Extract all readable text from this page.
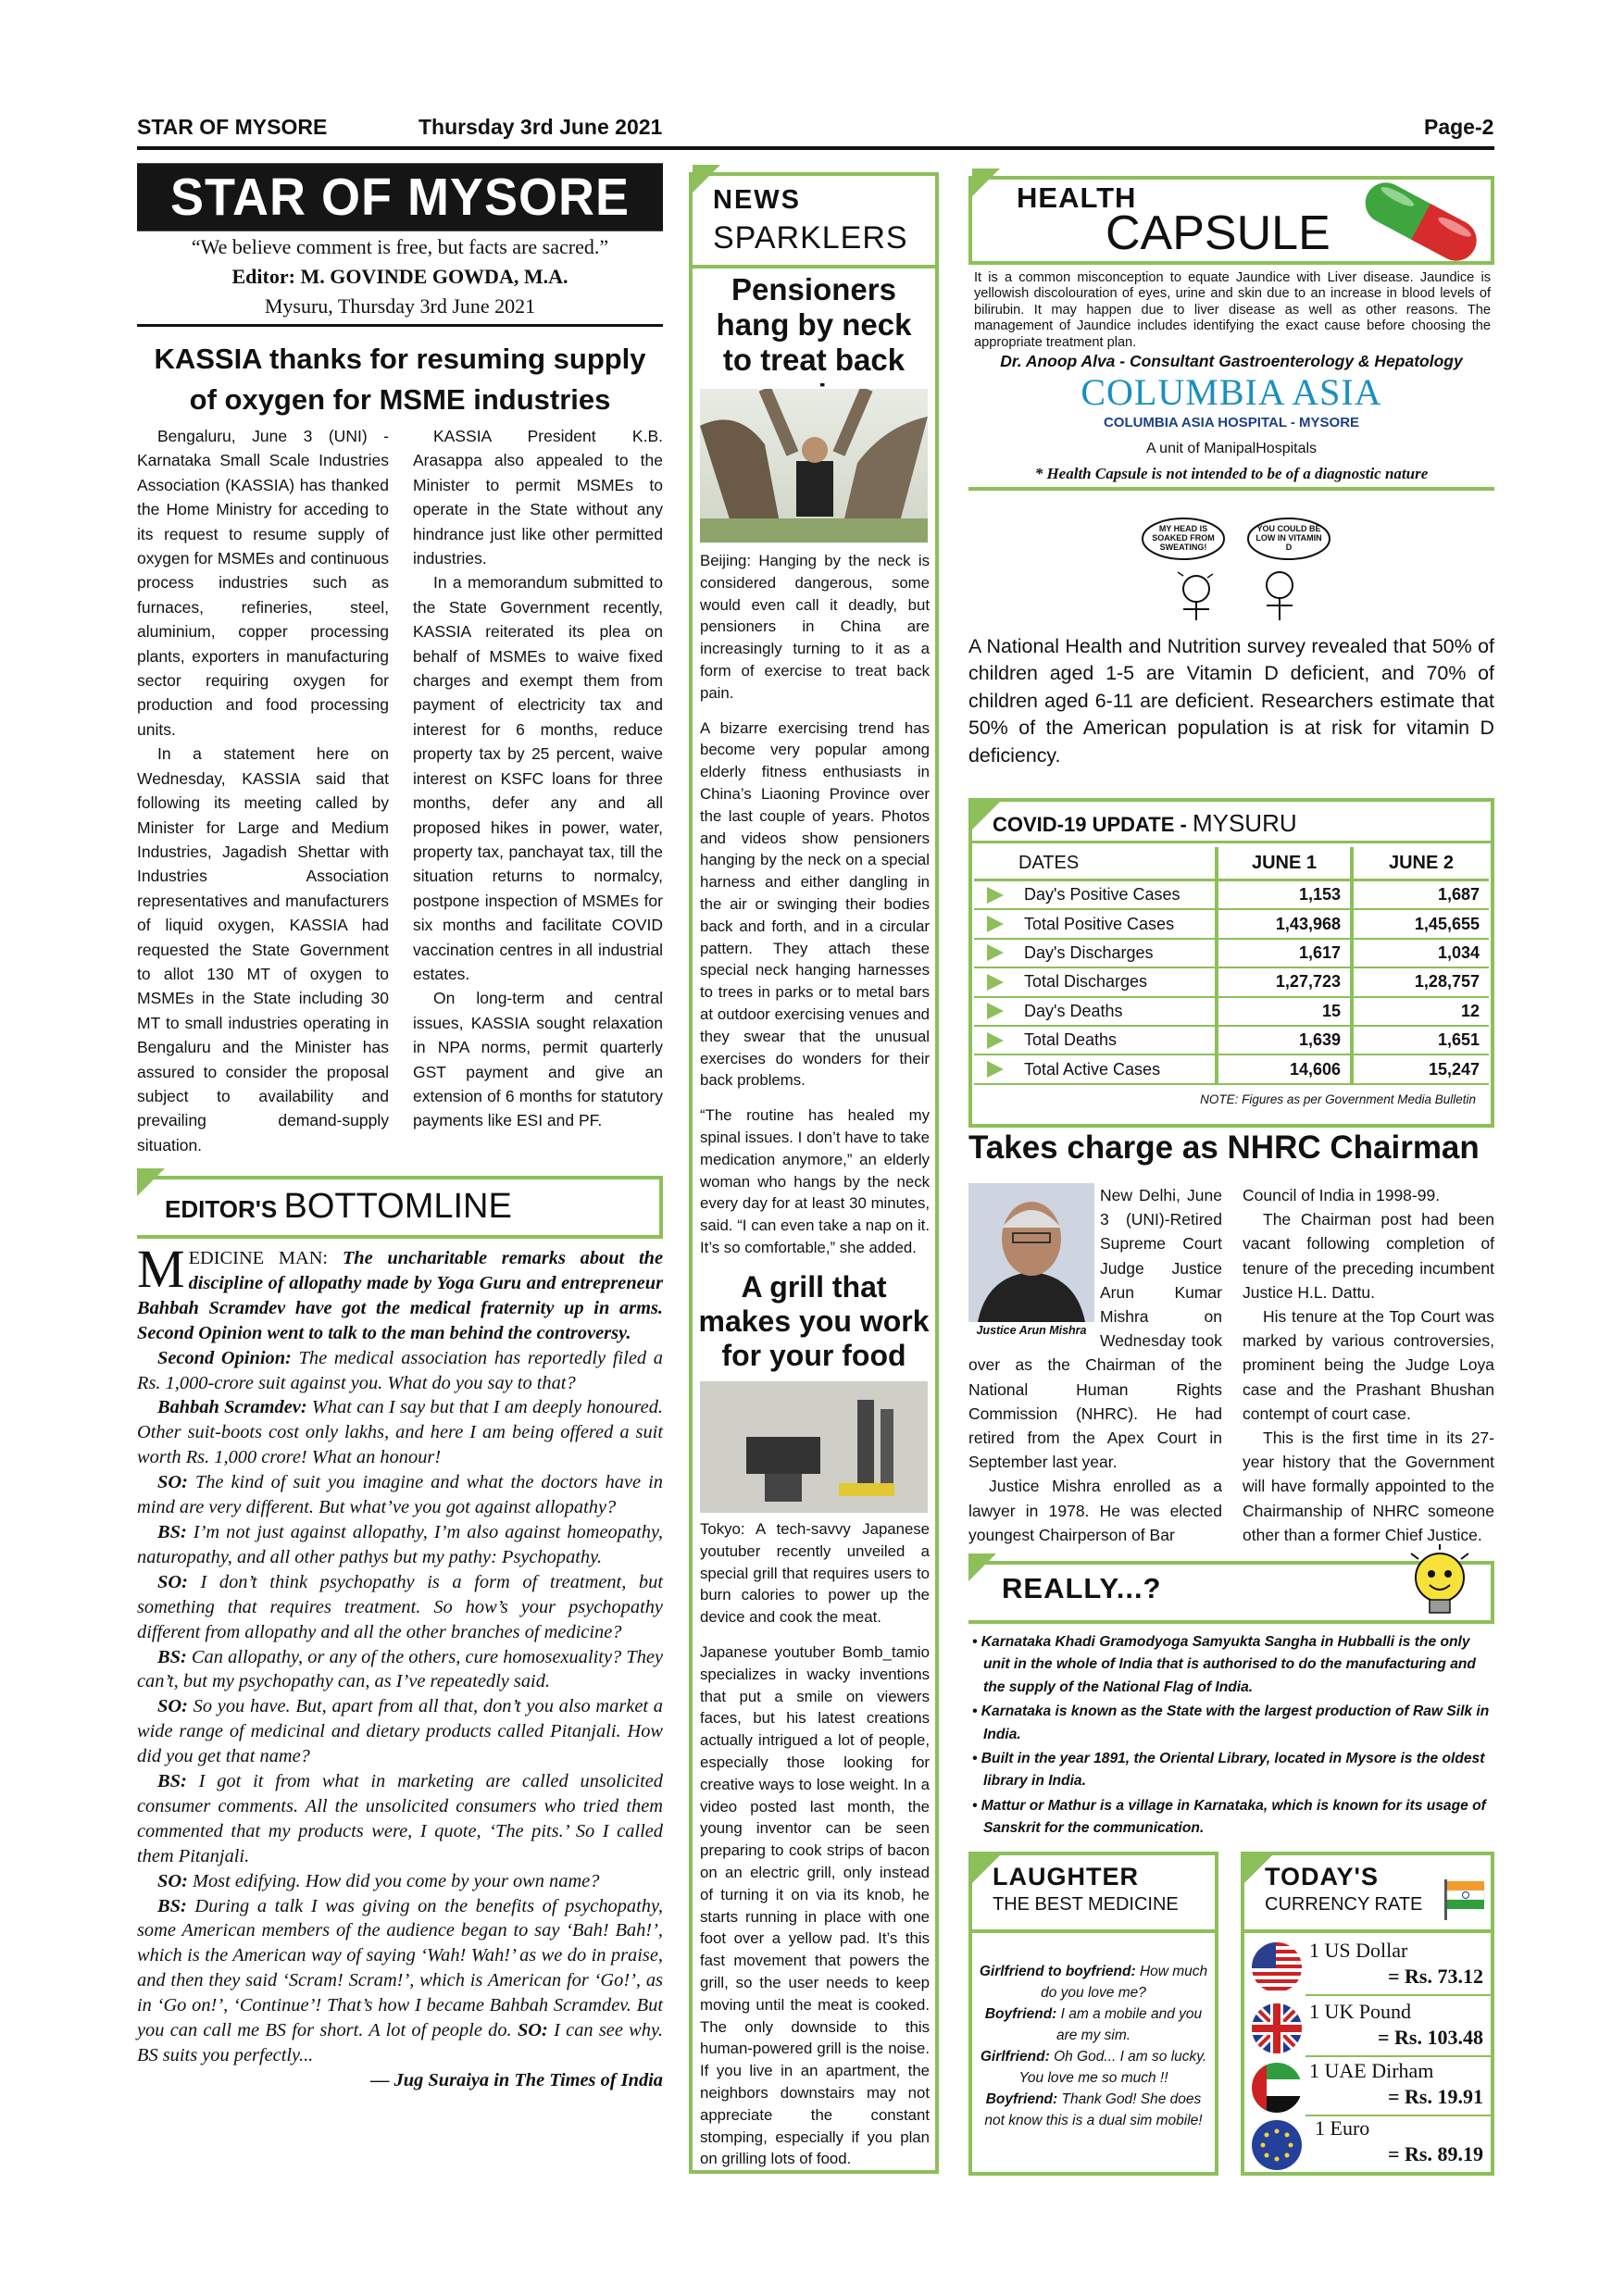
STAR OF MYSORE	Thursday 3rd June 2021	Page-2
STAR OF MYSORE
“We believe comment is free, but facts are sacred.”
Editor: M. GOVINDE GOWDA, M.A.
Mysuru, Thursday 3rd June 2021
KASSIA thanks for resuming supply of oxygen for MSME industries

Bengaluru, June 3 (UNI) - Karnataka Small Scale Industries Association (KASSIA) has thanked the Home Ministry for acceding to its request to resume supply of oxygen for MSMEs and continuous process industries such as furnaces, refineries, steel, aluminium, copper processing plants, exporters in manufacturing sector requiring oxygen for production and food processing units.

In a statement here on Wednesday, KASSIA said that following its meeting called by Minister for Large and Medium Industries, Jagadish Shettar with Industries Association representatives and manufacturers of liquid oxygen, KASSIA had requested the State Government to allot 130 MT of oxygen to MSMEs in the State including 30 MT to small industries operating in Bengaluru and the Minister has assured to consider the proposal subject to availability and prevailing demand-supply situation.

KASSIA President K.B. Arasappa also appealed to the Minister to permit MSMEs to operate in the State without any hindrance just like other permitted industries.

In a memorandum submitted to the State Government recently, KASSIA reiterated its plea on behalf of MSMEs to waive fixed charges and exempt them from payment of electricity tax and interest for 6 months, reduce property tax by 25 percent, waive interest on KSFC loans for three months, defer any and all proposed hikes in power, water, property tax, panchayat tax, till the situation returns to normalcy, postpone inspection of MSMEs for six months and facilitate COVID vaccination centres in all industrial estates.

On long-term and central issues, KASSIA sought relaxation in NPA norms, permit quarterly GST payment and give an extension of 6 months for statutory payments like ESI and PF.

EDITOR'S BOTTOMLINE

MEDICINE MAN: The uncharitable remarks about the discipline of allopathy made by Yoga Guru and entrepreneur Bahbah Scramdev have got the medical fraternity up in arms. Second Opinion went to talk to the man behind the controversy.

Second Opinion: The medical association has reportedly filed a Rs. 1,000-crore suit against you. What do you say to that?

Bahbah Scramdev: What can I say but that I am deeply honoured. Other suit-boots cost only lakhs, and here I am being offered a suit worth Rs. 1,000 crore! What an honour!

SO: The kind of suit you imagine and what the doctors have in mind are very different. But what’ve you got against allopathy?

BS: I’m not just against allopathy, I’m also against homeopathy, naturopathy, and all other pathys but my pathy: Psychopathy.

SO: I don’t think psychopathy is a form of treatment, but something that requires treatment. So how’s your psychopathy different from allopathy and all the other branches of medicine?

BS: Can allopathy, or any of the others, cure homosexuality? They can’t, but my psychopathy can, as I’ve repeatedly said.

SO: So you have. But, apart from all that, don’t you also market a wide range of medicinal and dietary products called Pitanjali. How did you get that name?

BS: I got it from what in marketing are called unsolicited consumer comments. All the unsolicited consumers who tried them commented that my products were, I quote, ‘The pits.’ So I called them Pitanjali.

SO: Most edifying. How did you come by your own name?

BS: During a talk I was giving on the benefits of psychopathy, some American members of the audience began to say ‘Bah! Bah!’, which is the American way of saying ‘Wah! Wah!’ as we do in praise, and then they said ‘Scram! Scram!’, which is American for ‘Go!’, as in ‘Go on!’, ‘Continue’! That’s how I became Bahbah Scramdev. But you can call me BS for short. A lot of people do. SO: I can see why. BS suits you perfectly...

— Jug Suraiya in The Times of India

NEWS
SPARKLERS
Pensioners hang by neck to treat back

Beijing: Hanging by the neck is considered dangerous, some would even call it deadly, but pensioners in China are increasingly turning to it as a form of exercise to treat back pain.

A bizarre exercising trend has become very popular among elderly fitness enthusiasts in China’s Liaoning Province over the last couple of years. Photos and videos show pensioners hanging by the neck on a special harness and either dangling in the air or swinging their bodies back and forth, and in a circular pattern. They attach these special neck hanging harnesses to trees in parks or to metal bars at outdoor exercising venues and they swear that the unusual exercises do wonders for their back problems.

“The routine has healed my spinal issues. I don’t have to take medication anymore,” an elderly woman who hangs by the neck every day for at least 30 minutes, said. “I can even take a nap on it. It’s so comfortable,” she added.

A grill that makes you work for your food

Tokyo: A tech-savvy Japanese youtuber recently unveiled a special grill that requires users to burn calories to power up the device and cook the meat.

Japanese youtuber Bomb_tamio specializes in wacky inventions that put a smile on viewers faces, but his latest creations actually intrigued a lot of people, especially those looking for creative ways to lose weight. In a video posted last month, the young inventor can be seen preparing to cook strips of bacon on an electric grill, only instead of turning it on via its knob, he starts running in place with one foot over a yellow pad. It’s this fast movement that powers the grill, so the user needs to keep moving until the meat is cooked. The only downside to this human-powered grill is the noise. If you live in an apartment, the neighbors downstairs may not appreciate the constant stomping, especially if you plan on grilling lots of food.

HEALTH
CAPSULE
It is a common misconception to equate Jaundice with Liver disease. Jaundice is yellowish discolouration of eyes, urine and skin due to an increase in blood levels of bilirubin. It may happen due to liver disease as well as other reasons. The management of Jaundice includes identifying the exact cause before choosing the appropriate treatment plan.
Dr. Anoop Alva - Consultant Gastroenterology & Hepatology
COLUMBIA ASIA
COLUMBIA ASIA HOSPITAL - MYSORE
A unit of ManipalHospitals
* Health Capsule is not intended to be of a diagnostic nature
MY HEAD IS SOAKED FROM SWEATING!
YOU COULD BE LOW IN VITAMIN D
A National Health and Nutrition survey revealed that 50% of children aged 1-5 are Vitamin D deficient, and 70% of children aged 6-11 are deficient. Researchers estimate that 50% of the American population is at risk for vitamin D deficiency.
COVID-19 UPDATE - MYSURU
DATES	JUNE 1	JUNE 2
Day's Positive Cases	1,153	1,687
Total Positive Cases	1,43,968	1,45,655
Day's Discharges	1,617	1,034
Total Discharges	1,27,723	1,28,757
Day's Deaths	15	12
Total Deaths	1,639	1,651
Total Active Cases	14,606	15,247
NOTE: Figures as per Government Media Bulletin
Takes charge as NHRC Chairman
Justice Arun Mishra

New Delhi, June 3 (UNI)-Retired Supreme Court Judge Justice Arun Kumar Mishra on Wednesday took over as the Chairman of the National Human Rights Commission (NHRC). He had retired from the Apex Court in September last year.

Justice Mishra enrolled as a lawyer in 1978. He was elected youngest Chairperson of Bar

Council of India in 1998-99.

The Chairman post had been vacant following completion of tenure of the preceding incumbent Justice H.L. Dattu.

His tenure at the Top Court was marked by various controversies, prominent being the Judge Loya case and the Prashant Bhushan contempt of court case.

This is the first time in its 27-year history that the Government will have formally appointed to the Chairmanship of NHRC someone other than a former Chief Justice.

REALLY...?
• Karnataka Khadi Gramodyoga Samyukta Sangha in Hubballi is the only unit in the whole of India that is authorised to do the manufacturing and the supply of the National Flag of India.
• Karnataka is known as the State with the largest production of Raw Silk in India.
• Built in the year 1891, the Oriental Library, located in Mysore is the oldest library in India.
• Mattur or Mathur is a village in Karnataka, which is known for its usage of Sanskrit for the communication.
LAUGHTER
THE BEST MEDICINE
Girlfriend to boyfriend: How much do you love me?
Boyfriend: I am a mobile and you are my sim.
Girlfriend: Oh God... I am so lucky. You love me so much !!
Boyfriend: Thank God! She does not know this is a dual sim mobile!
TODAY'S
CURRENCY RATE
1 US Dollar
= Rs. 73.12
1 UK Pound
= Rs. 103.48
1 UAE Dirham
= Rs. 19.91
1 Euro
= Rs. 89.19
